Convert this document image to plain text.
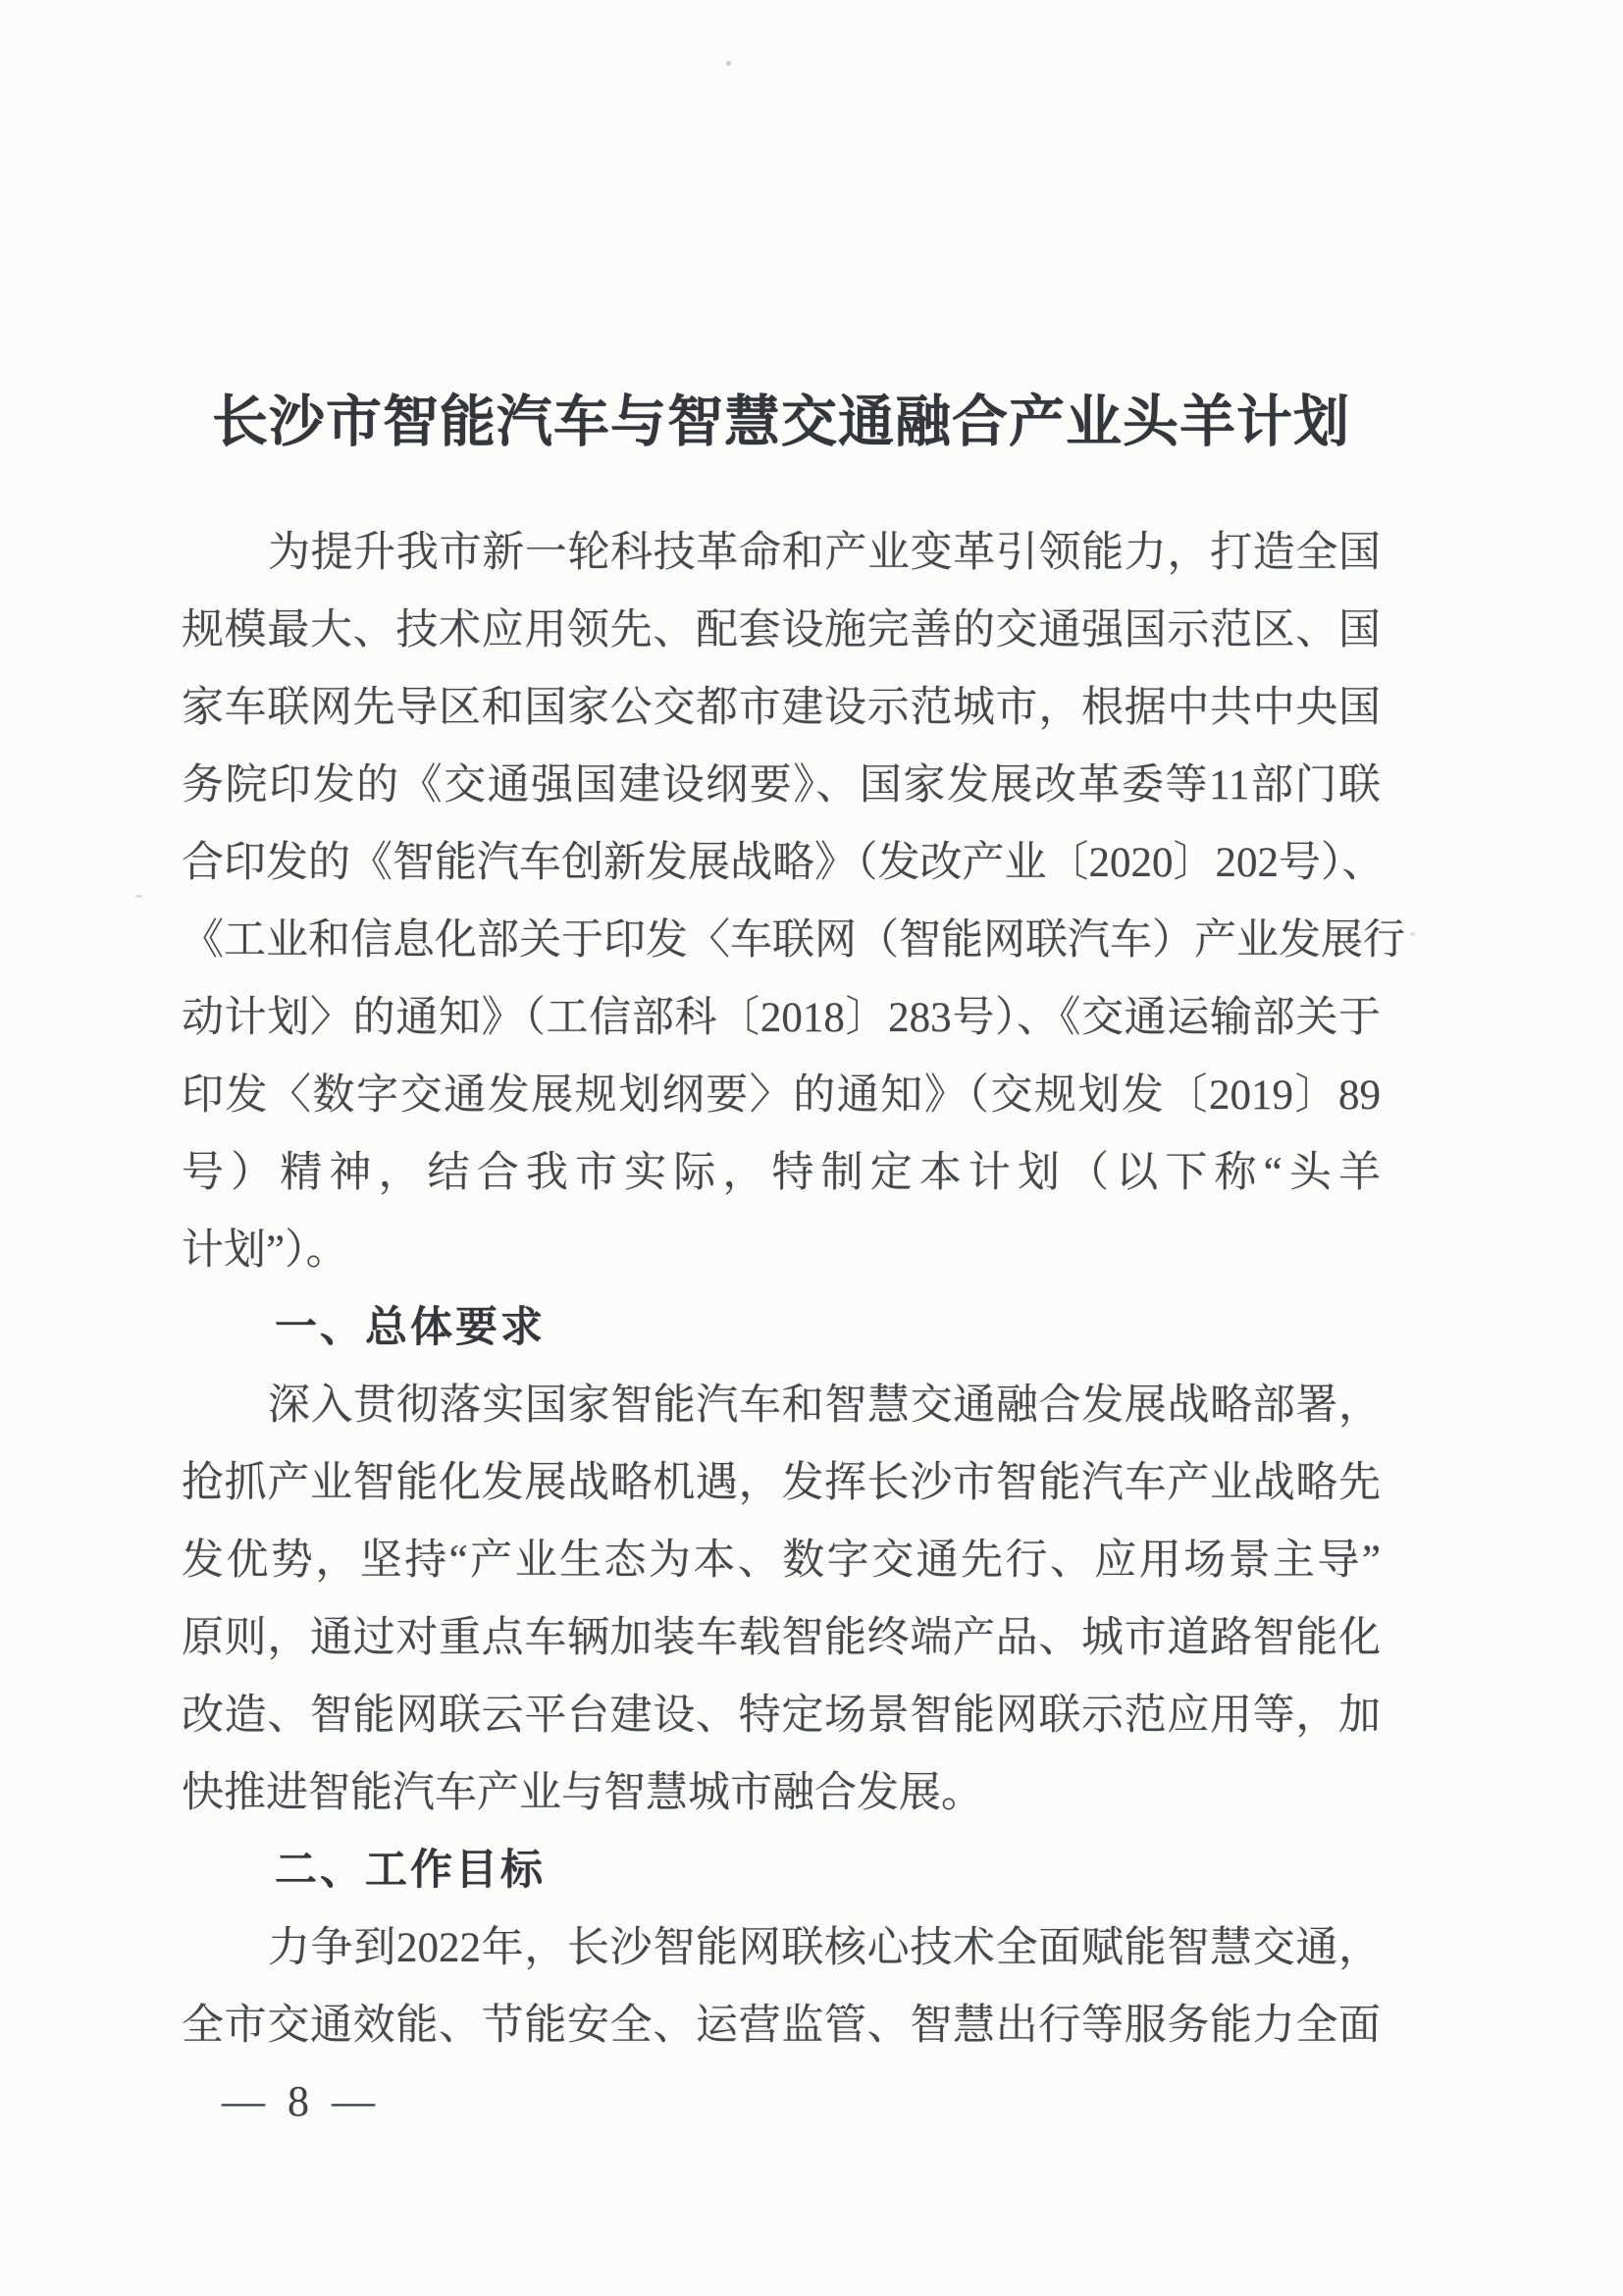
长沙市智能汽车与智慧交通融合产业头羊计划
为提升我市新一轮科技革命和产业变革引领能力，打造全国
规模最大、技术应用领先、配套设施完善的交通强国示范区、国
家车联网先导区和国家公交都市建设示范城市，根据中共中央国
务院印发的《交通强国建设纲要》、国家发展改革委等11部门联
合印发的《智能汽车创新发展战略》（发改产业〔2020〕202号）、
《工业和信息化部关于印发〈车联网（智能网联汽车）产业发展行
动计划〉的通知》（工信部科〔2018〕283号）、《交通运输部关于
印发〈数字交通发展规划纲要〉的通知》（交规划发〔2019〕89
号）精神，结合我市实际，特制定本计划（以下称“头羊
计划”）。
一、总体要求
深入贯彻落实国家智能汽车和智慧交通融合发展战略部署，
抢抓产业智能化发展战略机遇，发挥长沙市智能汽车产业战略先
发优势，坚持“产业生态为本、数字交通先行、应用场景主导”
原则，通过对重点车辆加装车载智能终端产品、城市道路智能化
改造、智能网联云平台建设、特定场景智能网联示范应用等，加
快推进智能汽车产业与智慧城市融合发展。
二、工作目标
力争到2022年，长沙智能网联核心技术全面赋能智慧交通，
全市交通效能、节能安全、运营监管、智慧出行等服务能力全面
— 8 —
